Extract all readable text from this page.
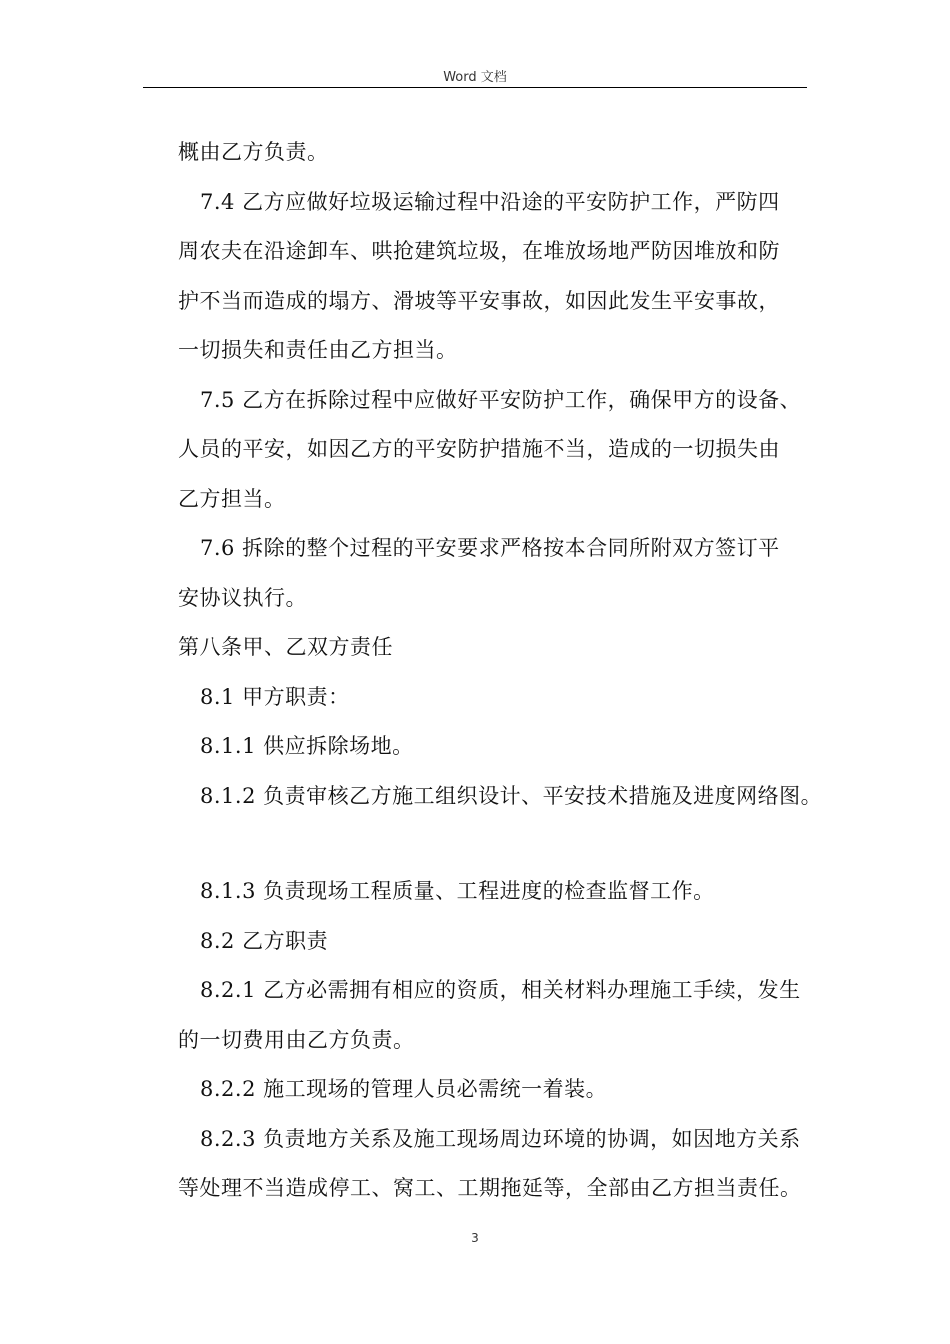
Word 文档

概由乙方负责。

7.4 乙方应做好垃圾运输过程中沿途的平安防护工作，严防四

周农夫在沿途卸车、哄抢建筑垃圾，在堆放场地严防因堆放和防

护不当而造成的塌方、滑坡等平安事故，如因此发生平安事故，

一切损失和责任由乙方担当。

7.5 乙方在拆除过程中应做好平安防护工作，确保甲方的设备、

人员的平安，如因乙方的平安防护措施不当，造成的一切损失由

乙方担当。

7.6 拆除的整个过程的平安要求严格按本合同所附双方签订平

安协议执行。

第八条甲、乙双方责任

8.1 甲方职责：

8.1.1 供应拆除场地。

8.1.2 负责审核乙方施工组织设计、平安技术措施及进度网络图。

8.1.3 负责现场工程质量、工程进度的检查监督工作。

8.2 乙方职责

8.2.1 乙方必需拥有相应的资质，相关材料办理施工手续，发生

的一切费用由乙方负责。

8.2.2 施工现场的管理人员必需统一着装。

8.2.3 负责地方关系及施工现场周边环境的协调，如因地方关系

等处理不当造成停工、窝工、工期拖延等，全部由乙方担当责任。

3
